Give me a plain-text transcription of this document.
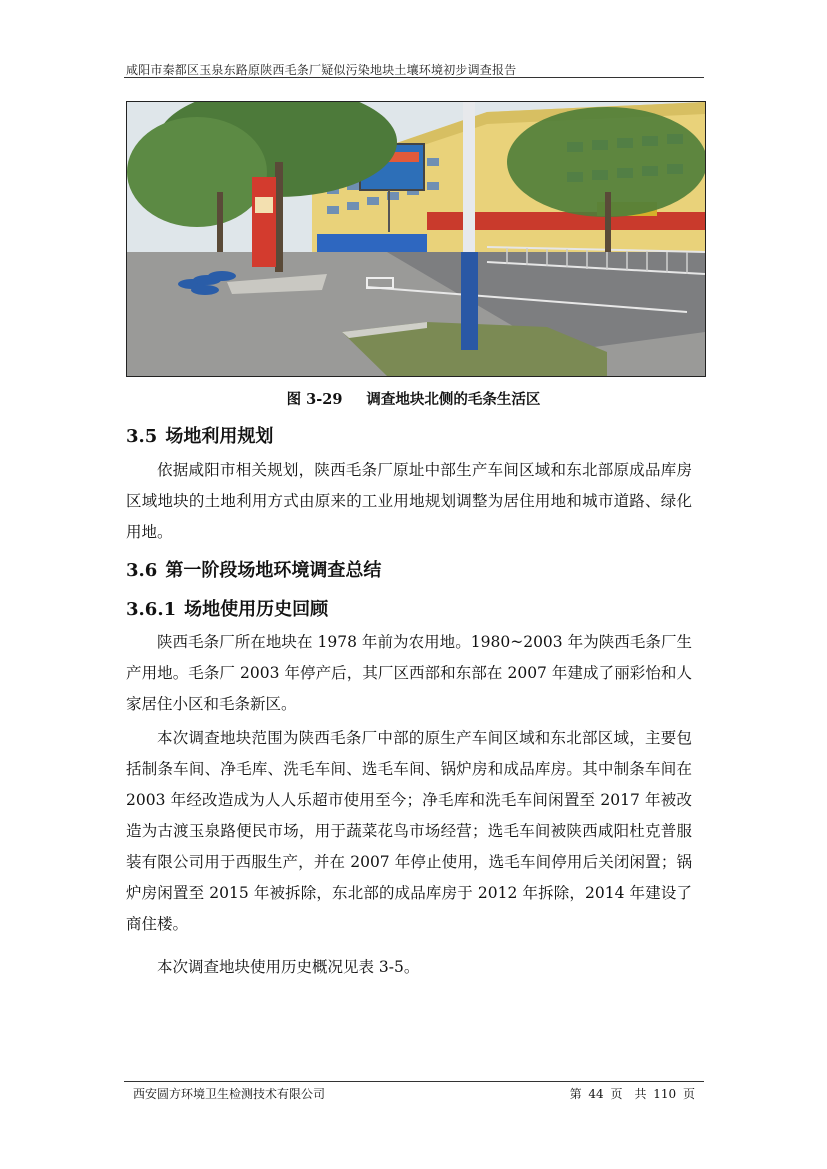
咸阳市秦都区玉泉东路原陕西毛条厂疑似污染地块土壤环境初步调查报告
图 3-29 调查地块北侧的毛条生活区
3.5 场地利用规划

依据咸阳市相关规划，陕西毛条厂原址中部生产车间区域和东北部原成品库房区域地块的土地利用方式由原来的工业用地规划调整为居住用地和城市道路、绿化用地。

3.6 第一阶段场地环境调查总结
3.6.1 场地使用历史回顾

陕西毛条厂所在地块在 1978 年前为农用地。1980~2003 年为陕西毛条厂生产用地。毛条厂 2003 年停产后，其厂区西部和东部在 2007 年建成了丽彩怡和人家居住小区和毛条新区。

本次调查地块范围为陕西毛条厂中部的原生产车间区域和东北部区域，主要包括制条车间、净毛库、洗毛车间、选毛车间、锅炉房和成品库房。其中制条车间在 2003 年经改造成为人人乐超市使用至今；净毛库和洗毛车间闲置至 2017 年被改造为古渡玉泉路便民市场，用于蔬菜花鸟市场经营；选毛车间被陕西咸阳杜克普服装有限公司用于西服生产，并在 2007 年停止使用，选毛车间停用后关闭闲置；锅炉房闲置至 2015 年被拆除，东北部的成品库房于 2012 年拆除，2014 年建设了商住楼。

本次调查地块使用历史概况见表 3-5。

西安圆方环境卫生检测技术有限公司	第 44 页　共 110 页
